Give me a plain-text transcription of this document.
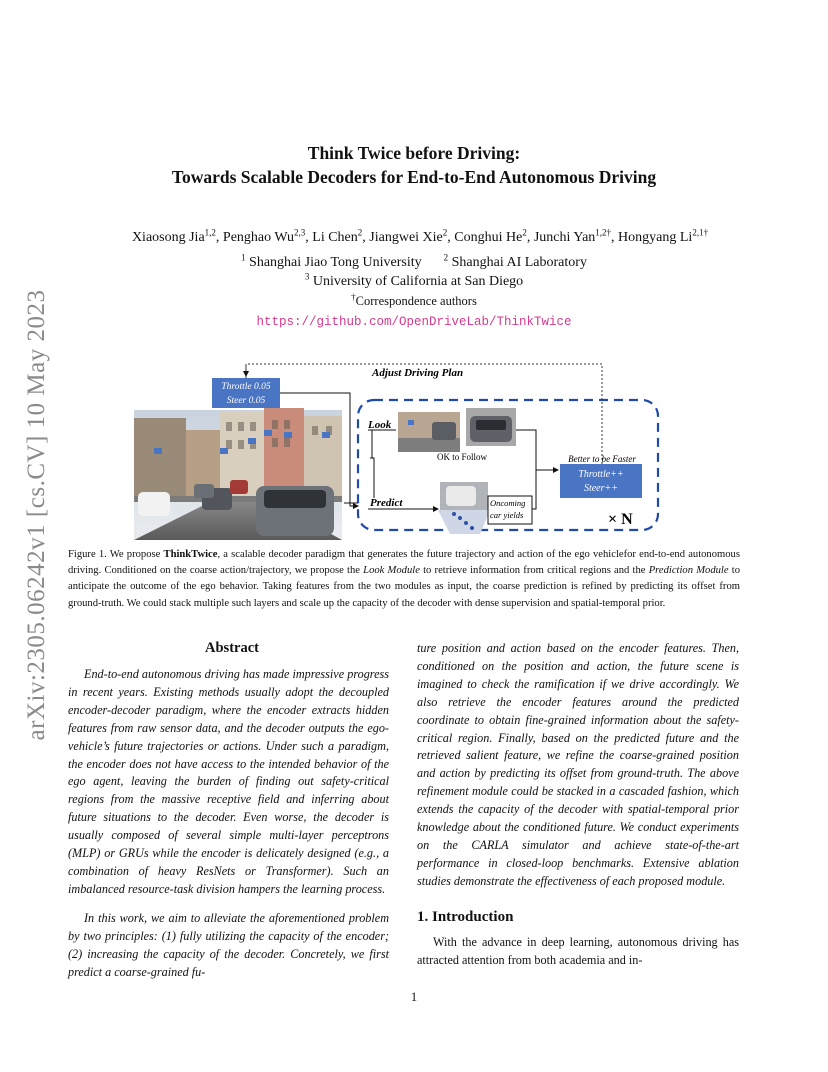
arXiv:2305.06242v1 [cs.CV] 10 May 2023
Think Twice before Driving:
Towards Scalable Decoders for End-to-End Autonomous Driving
Xiaosong Jia$^{1,2}$, Penghao Wu$^{2,3}$, Li Chen$^2$, Jiangwei Xie$^2$, Conghui He$^2$, Junchi Yan$^{1,2\dagger}$, Hongyang $Li^{2,1\dagger}$
$^1$ Shanghai Jiao Tong University $^2$ Shanghai AI Laboratory
$^3$ University of California at San Diego
†Correspondence authors
https://github.com/OpenDriveLab/ThinkTwice
Throttle 0.05
Steer 0.05
Adjust Driving Plan
Look
OK to Follow
Predict	Oncoming
car yields
Better to be Faster
Throttle++
Steer++
× N
Figure 1. We propose ThinkTwice, a scalable decoder paradigm that generates the future trajectory and action of the ego vehiclefor end-to-end autonomous driving. Conditioned on the coarse action/trajectory, we propose the Look Module to retrieve information from critical regions and the Prediction Module to anticipate the outcome of the ego behavior. Taking features from the two modules as input, the coarse prediction is refined by predicting its offset from ground-truth. We could stack multiple such layers and scale up the capacity of the decoder with dense supervision and spatial-temporal prior.
Abstract

End-to-end autonomous driving has made impressive progress in recent years. Existing methods usually adopt the decoupled encoder-decoder paradigm, where the encoder extracts hidden features from raw sensor data, and the decoder outputs the ego-vehicle’s future trajectories or actions. Under such a paradigm, the encoder does not have access to the intended behavior of the ego agent, leaving the burden of finding out safety-critical regions from the massive receptive field and inferring about future situations to the decoder. Even worse, the decoder is usually composed of several simple multi-layer perceptrons (MLP) or GRUs while the encoder is delicately designed (e.g., a combination of heavy ResNets or Transformer). Such an imbalanced resource-task division hampers the learning process.

In this work, we aim to alleviate the aforementioned problem by two principles: (1) fully utilizing the capacity of the encoder; (2) increasing the capacity of the decoder. Concretely, we first predict a coarse-grained fu-

ture position and action based on the encoder features. Then, conditioned on the position and action, the future scene is imagined to check the ramification if we drive accordingly. We also retrieve the encoder features around the predicted coordinate to obtain fine-grained information about the safety-critical region. Finally, based on the predicted future and the retrieved salient feature, we refine the coarse-grained position and action by predicting its offset from ground-truth. The above refinement module could be stacked in a cascaded fashion, which extends the capacity of the decoder with spatial-temporal prior knowledge about the conditioned future. We conduct experiments on the CARLA simulator and achieve state-of-the-art performance in closed-loop benchmarks. Extensive ablation studies demonstrate the effectiveness of each proposed module.

1. Introduction
With the advance in deep learning, autonomous driving has attracted attention from both academia and in-
1
